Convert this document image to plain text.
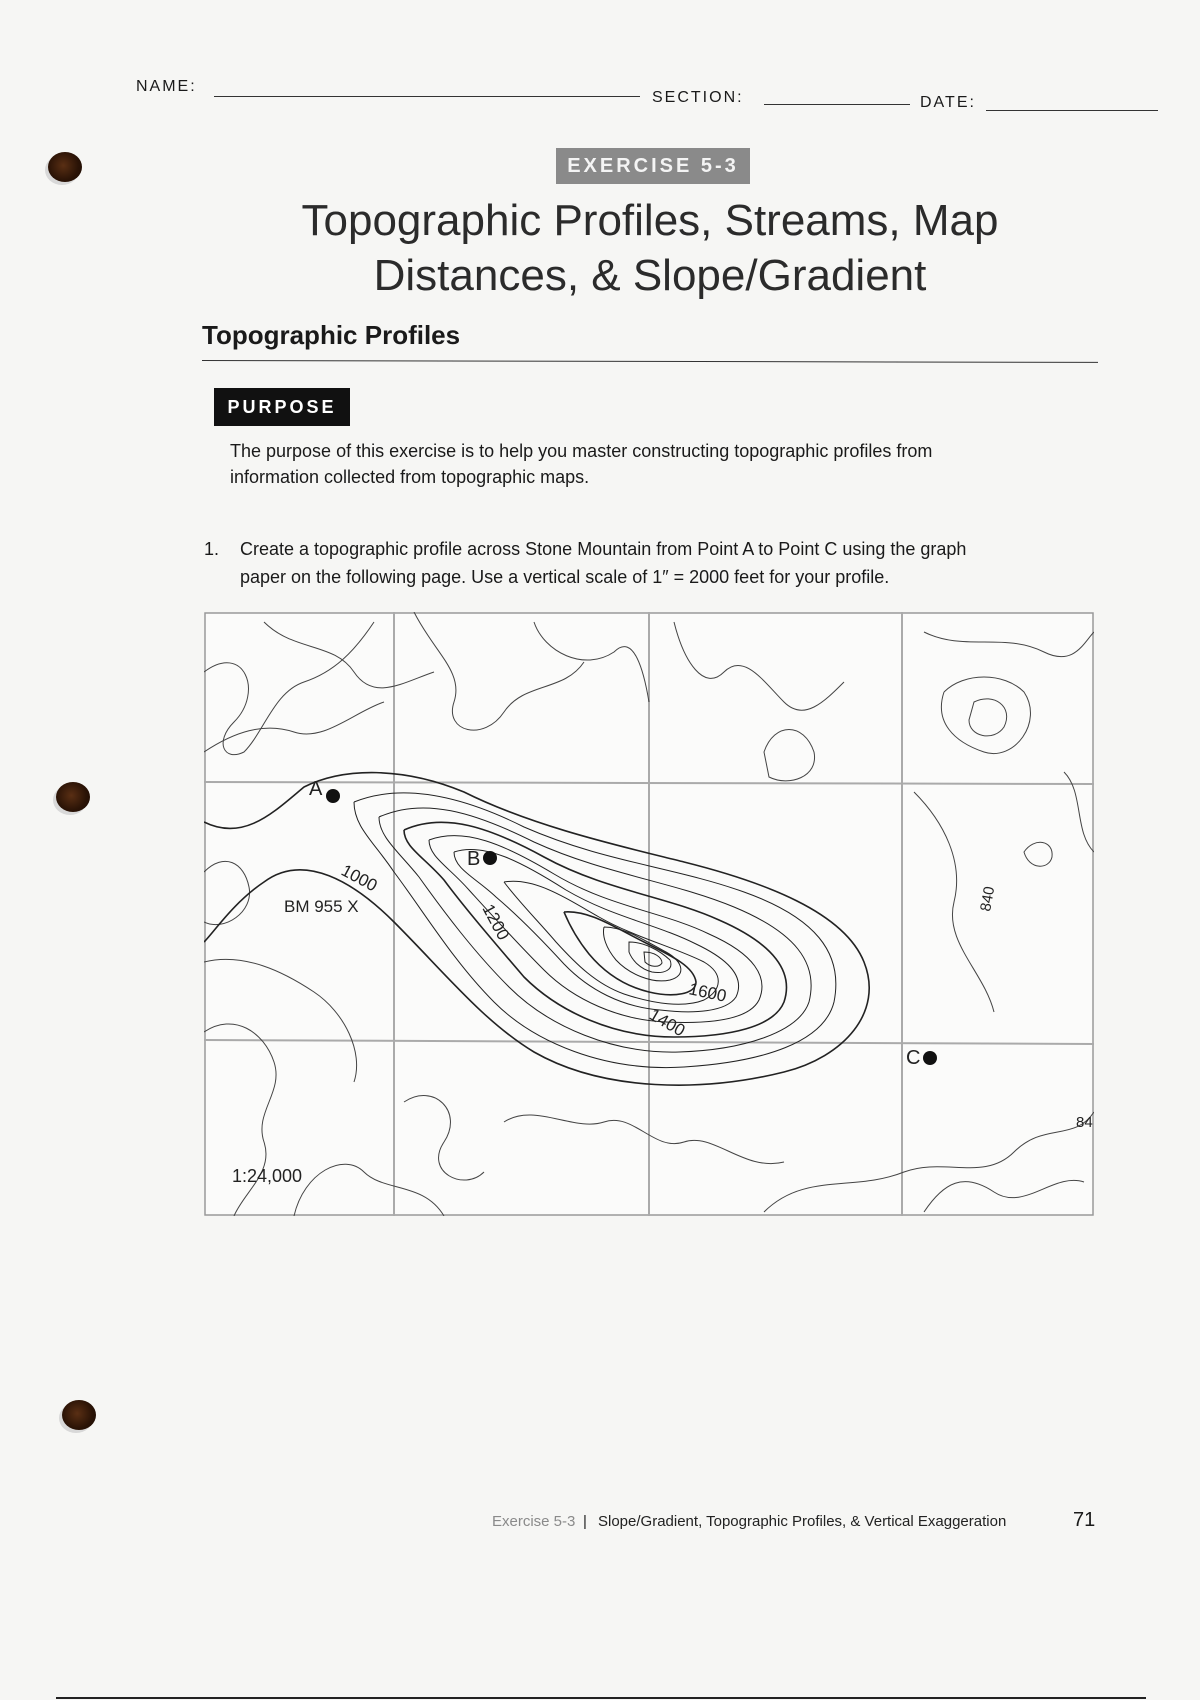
NAME:
SECTION:	DATE:
EXERCISE 5-3
Topographic Profiles, Streams, Map
Distances, & Slope/Gradient
Topographic Profiles
PURPOSE
The purpose of this exercise is to help you master constructing topographic profiles from
information collected from topographic maps.
1. Create a topographic profile across Stone Mountain from Point A to Point C using the graph
paper on the following page. Use a vertical scale of 1″ = 2000 feet for your profile.
A
B
C
1000
1200
1400
1600
840
84
BM 955 X
1:24,000
Exercise 5-3 | Slope/Gradient, Topographic Profiles, & Vertical Exaggeration	71
